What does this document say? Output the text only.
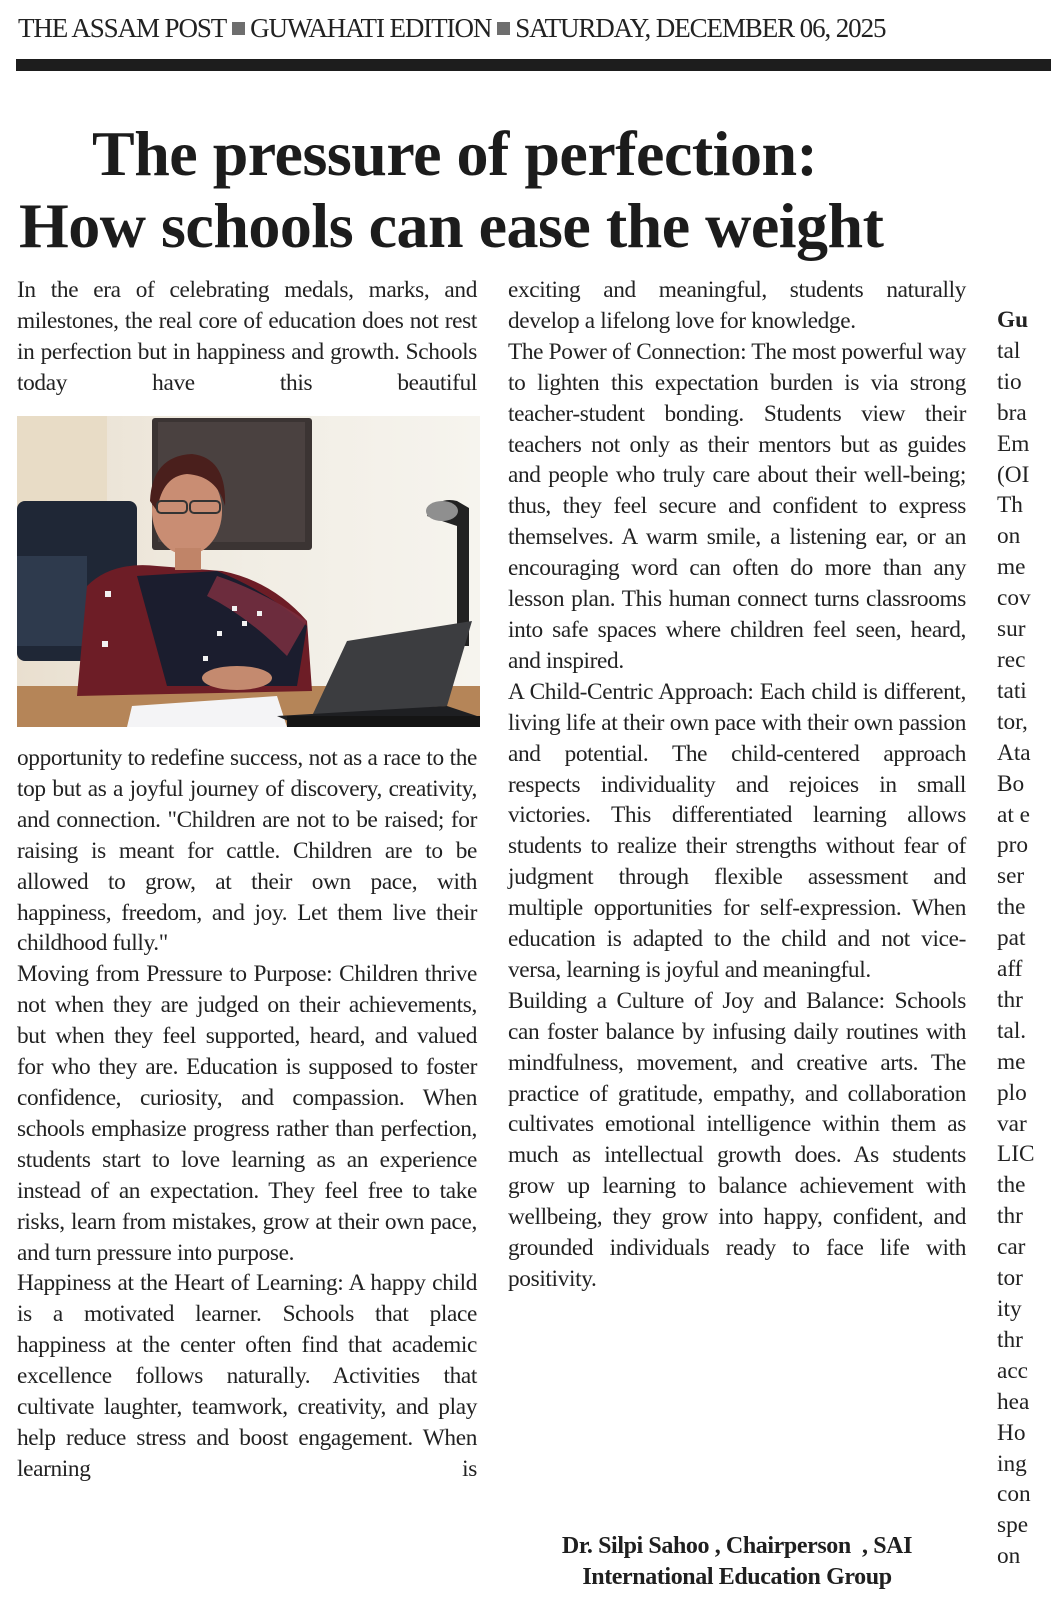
THE ASSAM POST GUWAHATI EDITION SATURDAY, DECEMBER 06, 2025
The pressure of perfection:
How schools can ease the weight

In the era of celebrating medals, marks, and milestones, the real core of education does not rest in perfection but in happiness and growth. Schools today have this beautiful

opportunity to redefine success, not as a race to the top but as a joyful journey of discovery, creativity, and connection. "Children are not to be raised; for raising is meant for cattle. Children are to be allowed to grow, at their own pace, with happiness, freedom, and joy. Let them live their childhood fully."

Moving from Pressure to Purpose: Children thrive not when they are judged on their achievements, but when they feel supported, heard, and valued for who they are. Education is supposed to foster confidence, curiosity, and compassion. When schools emphasize progress rather than perfection, students start to love learning as an experience instead of an expectation. They feel free to take risks, learn from mistakes, grow at their own pace, and turn pressure into purpose.

Happiness at the Heart of Learning: A happy child is a motivated learner. Schools that place happiness at the center often find that academic excellence follows naturally. Activities that cultivate laughter, teamwork, creativity, and play help reduce stress and boost engagement. When learning is

exciting and meaningful, students naturally develop a lifelong love for knowledge.

The Power of Connection: The most powerful way to lighten this expectation burden is via strong teacher-student bonding. Students view their teachers not only as their mentors but as guides and people who truly care about their well-being; thus, they feel secure and confident to express themselves. A warm smile, a listening ear, or an encouraging word can often do more than any lesson plan. This human connect turns classrooms into safe spaces where children feel seen, heard, and inspired.

A Child-Centric Approach: Each child is different, living life at their own pace with their own passion and potential. The child-centered approach respects individuality and rejoices in small victories. This differentiated learning allows students to realize their strengths without fear of judgment through flexible assessment and multiple opportunities for self-expression. When education is adapted to the child and not vice-versa, learning is joyful and meaningful.

Building a Culture of Joy and Balance: Schools can foster balance by infusing daily routines with mindfulness, movement, and creative arts. The practice of gratitude, empathy, and collaboration cultivates emotional intelligence within them as much as intellectual growth does. As students grow up learning to balance achievement with wellbeing, they grow into happy, confident, and grounded individuals ready to face life with positivity.

Dr. Silpi Sahoo , Chairperson  , SAI
International Education Group
Gu
tal
tio
bra
Em
(OI
Th
on
me
cov
sur
rec
tati
tor,
Ata
Bo
at e
pro
ser
the
pat
aff
thr
tal.
me
plo
var
LIC
the
thr
car
tor
ity
thr
acc
hea
Ho
ing
con
spe
on
